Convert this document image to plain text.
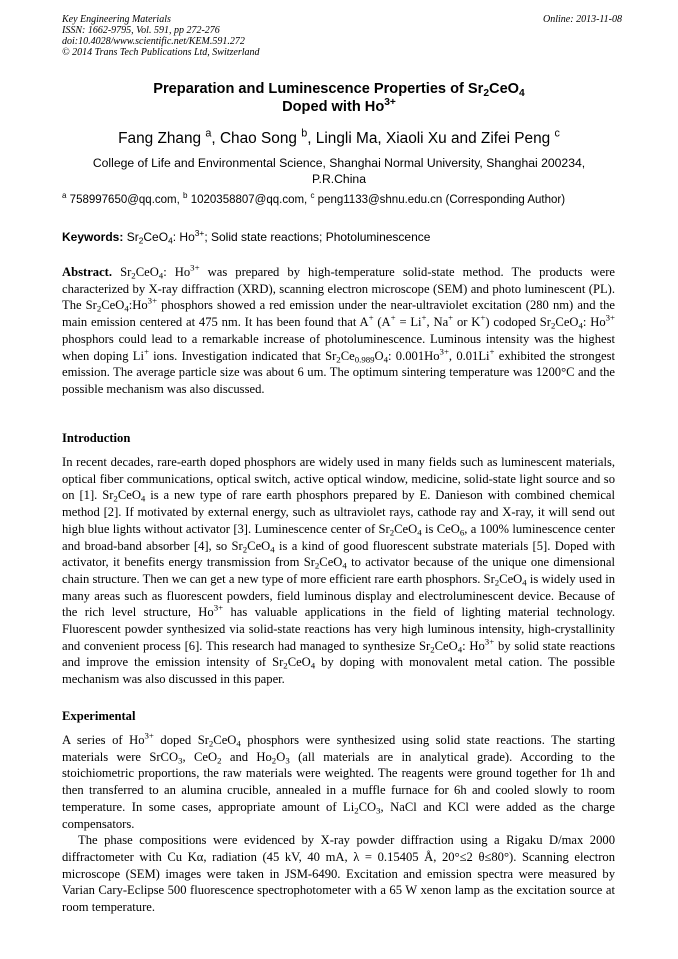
Key Engineering Materials
ISSN: 1662-9795, Vol. 591, pp 272-276
doi:10.4028/www.scientific.net/KEM.591.272
© 2014 Trans Tech Publications Ltd, Switzerland
Online: 2013-11-08
Preparation and Luminescence Properties of $Sr_2CeO_4$
Doped with $Ho^{3+}$
Fang Zhang $^a$, Chao Song $^b$, Lingli Ma, Xiaoli Xu and Zifei Peng $^c$
College of Life and Environmental Science, Shanghai Normal University, Shanghai 200234,
P.R.China
$^a$ 758997650@qq.com, $^b$ 1020358807@qq.com, $^c$ peng1133@shnu.edu.cn (Corresponding Author)
Keywords: $Sr_2CeO_4$: $Ho^{3+}$; Solid state reactions; Photoluminescence

Abstract. $Sr_2CeO_4$: $Ho^{3+}$ was prepared by high-temperature solid-state method. The products were characterized by X-ray diffraction (XRD), scanning electron microscope (SEM) and photo luminescent (PL). The $Sr_2CeO_4:Ho^{3+}$ phosphors showed a red emission under the near-ultraviolet excitation (280 nm) and the main emission centered at 475 nm. It has been found that A+ (A+ = Li+, Na+ or K+) codoped $Sr_2CeO_4$: $Ho^{3+}$ phosphors could lead to a remarkable increase of photoluminescence. Luminous intensity was the highest when doping Li+ ions. Investigation indicated that $Sr_2Ce_{0.989}O_4$: $0.001Ho^{3+}$, 0.01Li+ exhibited the strongest emission. The average particle size was about 6 um. The optimum sintering temperature was 1200°C and the possible mechanism was also discussed.

Introduction

In recent decades, rare-earth doped phosphors are widely used in many fields such as luminescent materials, optical fiber communications, optical switch, active optical window, medicine, solid-state light source and so on [1]. $Sr_2CeO_4$ is a new type of rare earth phosphors prepared by E. Danieson with combined chemical method [2]. If motivated by external energy, such as ultraviolet rays, cathode ray and X-ray, it will send out high blue lights without activator [3]. Luminescence center of $Sr_2CeO_4$ is CeO$_6$, a 100% luminescence center and broad-band absorber [4], so $Sr_2CeO_4$ is a kind of good fluorescent substrate materials [5]. Doped with activator, it benefits energy transmission from $Sr_2CeO_4$ to activator because of the unique one dimensional chain structure. Then we can get a new type of more efficient rare earth phosphors. $Sr_2CeO_4$ is widely used in many areas such as fluorescent powders, field luminous display and electroluminescent device. Because of the rich level structure, $Ho^{3+}$ has valuable applications in the field of lighting material technology. Fluorescent powder synthesized via solid-state reactions has very high luminous intensity, high-crystallinity and convenient process [6]. This research had managed to synthesize $Sr_2CeO_4$: $Ho^{3+}$ by solid state reactions and improve the emission intensity of $Sr_2CeO_4$ by doping with monovalent metal cation. The possible mechanism was also discussed in this paper.

Experimental

A series of $Ho^{3+}$ doped $Sr_2CeO_4$ phosphors were synthesized using solid state reactions. The starting materials were SrCO$_3$, CeO$_2$ and $Ho_2O_3$ (all materials are in analytical grade). According to the stoichiometric proportions, the raw materials were weighted. The reagents were ground together for 1h and then transferred to an alumina crucible, annealed in a muffle furnace for 6h and cooled slowly to room temperature. In some cases, appropriate amount of $Li_2CO_3$, NaCl and KCl were added as the charge compensators.

The phase compositions were evidenced by X-ray powder diffraction using a Rigaku D/max 2000 diffractometer with Cu Kα, radiation (45 kV, 40 mA, λ = 0.15405 Å, 20°≤2 θ≤80°). Scanning electron microscope (SEM) images were taken in JSM-6490. Excitation and emission spectra were measured by Varian Cary-Eclipse 500 fluorescence spectrophotometer with a 65 W xenon lamp as the excitation source at room temperature.
